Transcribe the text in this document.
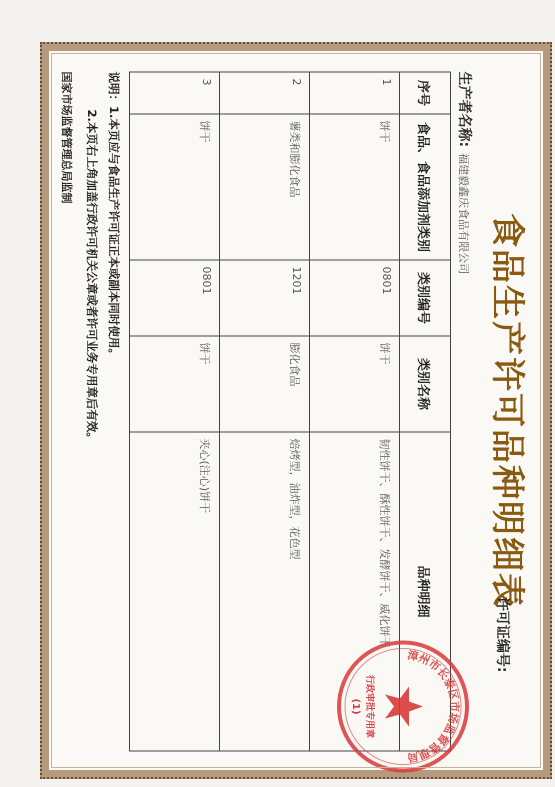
食品生产许可品种明细表
许可证编号:
生产者名称:福建毅鑫庆食品有限公司
序号	食品、食品添加剂类别	类别编号	类别名称	品种明细
1	饼干	0801	饼干	韧性饼干、酥性饼干、发酵饼干、威化饼干
2	薯类和膨化食品	1201	膨化食品	焙烤型，油炸型，花色型
3	饼干	0801	饼干	夹心(注心)饼干
说明：1.本页应与食品生产许可证正本或副本同时使用。
2.本页右上角加盖行政许可机关公章或者许可业务专用章后有效。
国家市场监督管理总局监制
漳州市长泰区市场监督管理局
行政审批专用章
(1)
